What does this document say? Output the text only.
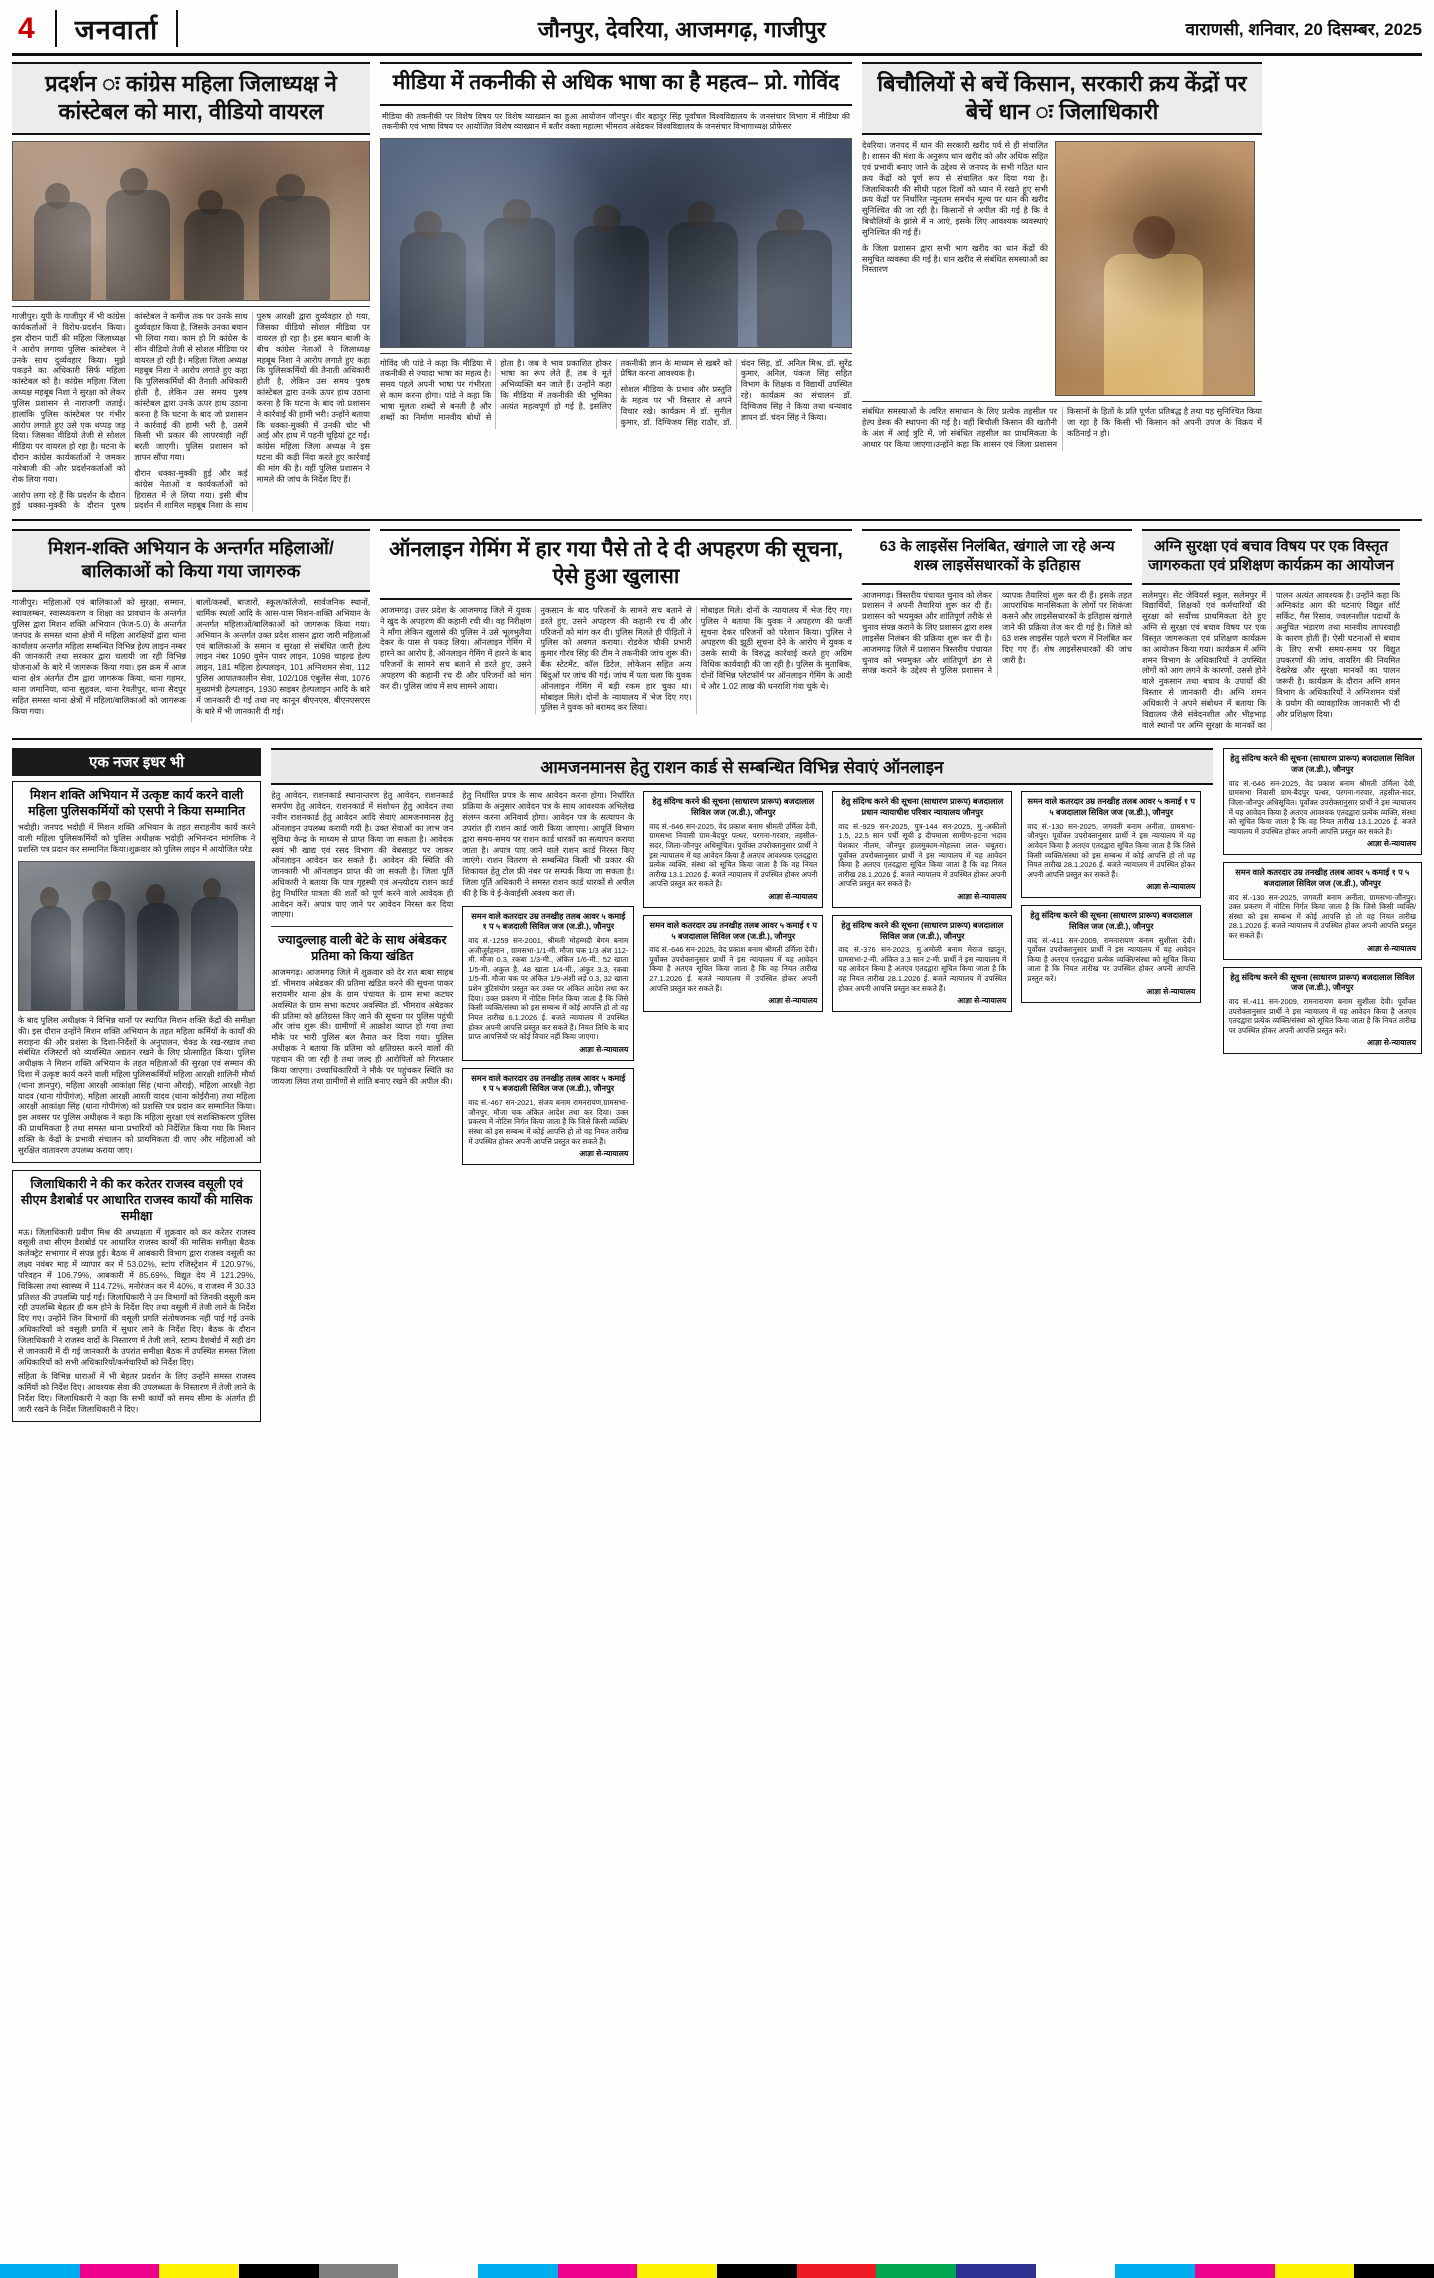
4	जनवार्ता	जौनपुर, देवरिया, आजमगढ़, गाजीपुर	वाराणसी, शनिवार, 20 दिसम्बर, 2025
प्रदर्शन ः कांग्रेस महिला जिलाध्यक्ष ने कांस्टेबल को मारा, वीडियो वायरल

गाजीपुर। यूपी के गाजीपुर में भी कांग्रेस कार्यकर्ताओं ने विरोध-प्रदर्शन किया। इस दौरान पार्टी की महिला जिलाध्यक्ष ने आरोप लगाया पुलिस कांस्टेबल ने उनके साथ दुर्व्यवहार किया। मुझे पकड़ने का अधिकारी सिर्फ महिला कांस्टेबल को है। कांग्रेस महिला जिला अध्यक्ष महबूब निशा ने सुरक्षा को लेकर पुलिस प्रशासन से नाराजगी जताई। हालांकि पुलिस कांस्टेबल पर गंभीर आरोप लगाते हुए उसे एक थप्पड़ जड़ दिया। जिसका वीडियो तेजी से सोशल मीडिया पर वायरल हो रहा है। घटना के दौरान कांग्रेस कार्यकर्ताओं ने जमकर नारेबाजी की और प्रदर्शनकर्ताओं को रोक लिया गया।

आरोप लगा रहे हैं कि प्रदर्शन के दौरान हुई धक्का-मुक्की के दौरान पुरुष कांस्टेबल ने कमीज तक पर उनके साथ दुर्व्यवहार किया है, जिसके उनका बयान भी लिया गया। काम हो गि कांग्रेस के सीन वीडियो तेजी से सोशल मीडिया पर वायरल हो रही है। महिला जिला अध्यक्ष महबूब निशा ने आरोप लगाते हुए कहा कि पुलिसकर्मियों की तैनाती अधिकारी होती है, लेकिन उस समय पुरुष कांस्टेबल द्वारा उनके ऊपर हाथ उठाना करना है कि घटना के बाद जो प्रशासन ने कार्रवाई की हामी भरी है, उसमें किसी भी प्रकार की लापरवाही नहीं बरती जाएगी। पुलिस प्रशासन को ज्ञापन सौंपा गया।

दौरान धक्का-मुक्की हुई और कई कांग्रेस नेताओं व कार्यकर्ताओं को हिरासत में ले लिया गया। इसी बीच प्रदर्शन में शामिल महबूब निशा के साथ पुरुष आरक्षी द्वारा दुर्व्यवहार हो गया, जिसका वीडियो सोशल मीडिया पर वायरल हो रहा है। इस बयान बाजी के बीच कांग्रेस नेताओं ने जिलाध्यक्ष महबूब निशा ने आरोप लगाते हुए कहा कि पुलिसकर्मियों की तैनाती अधिकारी होती है, लेकिन उस समय पुरुष कांस्टेबल द्वारा उनके ऊपर हाथ उठाना करना है कि घटना के बाद जो प्रशासन ने कार्रवाई की हामी भरी। उन्होंने बताया कि धक्का-मुक्की में उनकी चोट भी आई और हाथ में पहनी चूड़ियां टूट गईं। कांग्रेस महिला जिला अध्यक्ष ने इस घटना की कड़ी निंदा करते हुए कार्रवाई की मांग की है। वहीं पुलिस प्रशासन ने मामले की जांच के निर्देश दिए हैं।

मीडिया में तकनीकी से अधिक भाषा का है महत्व– प्रो. गोविंद
मीडिया की तकनीकी पर विशेष विषय पर विशेष व्याख्यान का हुआ आयोजन जौनपुर। वीर बहादुर सिंह पूर्वांचल विश्वविद्यालय के जनसंचार विभाग में मीडिया की तकनीकी एवं भाषा विषय पर आयोजित विशेष व्याख्यान में बतौर वक्ता महात्मा भीमराव अंबेडकर विश्वविद्यालय के जनसंचार विभागाध्यक्ष प्रोफेसर

गोविंद जी पांडे ने कहा कि मीडिया में तकनीकी से ज्यादा भाषा का महत्व है। समय पहले अपनी भाषा पर गंभीरता से काम करना होगा। पांडे ने कहा कि भाषा मूलतः शब्दों से बनती है और शब्दों का निर्माण मानवीय बोधों से होता है। जब वे भाव प्रकाशित होकर भाषा का रूप लेते हैं, तब वे मूर्त अभिव्यक्ति बन जाते हैं। उन्होंने कहा कि मीडिया में तकनीकी की भूमिका अत्यंत महत्वपूर्ण हो गई है, इसलिए तकनीकी ज्ञान के माध्यम से खबरें को प्रेषित करना आवश्यक है।

सोशल मीडिया के प्रभाव और प्रस्तुति के महत्व पर भी विस्तार से अपने विचार रखे। कार्यक्रम में डॉ. सुनील कुमार, डॉ. दिग्विजय सिंह राठौर, डॉ. चंदन सिंह, डॉ. अनिल मिश्र, डॉ. सुरेंद्र कुमार, अनिल, पंकज सिंह सहित विभाग के शिक्षक व विद्यार्थी उपस्थित रहे। कार्यक्रम का संचालन डॉ. दिग्विजय सिंह ने किया तथा धन्यवाद ज्ञापन डॉ. चंदन सिंह ने किया।

बिचौलियों से बचें किसान, सरकारी क्रय केंद्रों पर बेचें धान ः जिलाधिकारी

देवरिया। जनपद में धान की सरकारी खरीद पर्व से ही संचालित है। शासन की मंशा के अनुरूप धान खरीद को और अधिक सहित एवं प्रभावी बनाए जाने के उद्देश्य से जनपद के सभी गठित धान क्रय केंद्रों को पूर्ण रूप से संचालित कर दिया गया है। जिलाधिकारी की सीधी पहल दिलों को ध्यान में रखते हुए सभी क्रय केंद्रों पर निर्धारित न्यूनतम समर्थन मूल्य पर धान की खरीद सुनिश्चित की जा रही है। किसानों से अपील की गई है कि वे बिचौलियों के झांसे में न आएं, इसके लिए आवश्यक व्यवस्थाएं सुनिश्चित की गई हैं।

के जिला प्रशासन द्वारा सभी भाग खरीद का धान केंद्रों की समुचित व्यवस्था की गई है। धान खरीद से संबंधित समस्याओं का निस्तारण

संबंधित समस्याओं के त्वरित समाधान के लिए प्रत्येक तहसील पर हेल्प डेस्क की स्थापना की गई है। वहीं बिचौली किसान की खतौनी के अंश में आई त्रुटि में, जो संबंधित तहसील का प्राथमिकता के आधार पर किया जाएगा।उन्होंने कहा कि शासन एवं जिला प्रशासन किसानों के हितों के प्रति पूर्णतः प्रतिबद्ध है तथा यह सुनिश्चित किया जा रहा है कि किसी भी किसान को अपनी उपज के विक्रय में कठिनाई न हो।

मिशन-शक्ति अभियान के अन्तर्गत महिलाओं/ बालिकाओं को किया गया जागरुक

गाजीपुर। महिलाओं एवं बालिकाओं को सुरक्षा, सम्मान, स्वावलम्बन, स्वास्थ्यकरण व शिक्षा का प्रावधान के अन्तर्गत पुलिस द्वारा मिशन शक्ति अभियान (फेज-5.0) के अन्तर्गत जनपद के समस्त थाना क्षेत्रों में महिला आरक्षियों द्वारा थाना कार्यालय अन्तर्गत महिला सम्बन्धित विभिन्न हेल्प लाइन नम्बर की जानकारी तथा सरकार द्वारा चलायी जा रही विभिन्न योजनाओं के बारे में जागरूक किया गया। इस क्रम में आज थाना क्षेत्र अंतर्गत टीम द्वारा जागरूक किया, थाना गहमर, थाना जमानिया, थाना सुहवल, थाना रेवतीपुर, थाना सैदपुर सहित समस्त थाना क्षेत्रों में महिला/बालिकाओं को जागरूक किया गया।

बालों/कस्बों, बाजारों, स्कूल/कॉलेजों, सार्वजनिक स्थानों, धार्मिक स्थलों आदि के आस-पास मिशन-शक्ति अभियान के अन्तर्गत महिलाओं/बालिकाओं को जागरूक किया गया। अभियान के अन्तर्गत उक्त प्रदेश शासन द्वारा जारी महिलाओं एवं बालिकाओं के समान व सुरक्षा से संबंधित जारी हेल्प लाइन नंबर 1090 वूमेन पावर लाइन, 1098 चाइल्ड हेल्प लाइन, 181 महिला हेल्पलाइन, 101 अग्निशमन सेवा, 112 पुलिस आपातकालीन सेवा, 102/108 एंबुलेंस सेवा, 1076 मुख्यमंत्री हेल्पलाइन, 1930 साइबर हेल्पलाइन आदि के बारे में जानकारी दी गई तथा नए कानून बीएनएस, बीएनएसएस के बारे में भी जानकारी दी गई।

ऑनलाइन गेमिंग में हार गया पैसे तो दे दी अपहरण की सूचना, ऐसे हुआ खुलासा

आजमगढ़। उत्तर प्रदेश के आजमगढ़ जिले में युवक ने खुद के अपहरण की कहानी रची थी। वह निरीक्षण ने माँगा लेकिन खुलासे की पुलिस ने उसे भूलभुलैया देकर के पास से पकड़ लिया। ऑनलाइन गेमिंग में हारने का आरोप है, ऑनलाइन गेमिंग में हारने के बाद परिजनों के सामने सच बताने से डरते हुए, उसने अपहरण की कहानी रच दी और परिजनों को मांग कर दी। पुलिस जांच में सच सामने आया।

नुकसान के बाद परिजनों के सामने सच बताने से डरते हुए, उसने अपहरण की कहानी रच दी और परिजनों को मांग कर दी। पुलिस मिलते ही पीड़ितों ने पुलिस को अवगत कराया। रोडवेज चौकी प्रभारी कुमार गौरव सिंह की टीम ने तकनीकी जांच शुरू की। बैंक स्टेटमेंट, कॉल डिटेल, लोकेशन सहित अन्य बिंदुओं पर जांच की गई। जांच में पता चला कि युवक ऑनलाइन गेमिंग में बड़ी रकम हार चुका था। मोबाइल मिले। दोनों के न्यायालय में भेज दिए गए। पुलिस ने युवक को बरामद कर लिया।

मोबाइल मिले। दोनों के न्यायालय में भेज दिए गए। पुलिस ने बताया कि युवक ने अपहरण की फर्जी सूचना देकर परिजनों को परेशान किया। पुलिस ने अपहरण की झूठी सूचना देने के आरोप में युवक व उसके साथी के विरुद्ध कार्रवाई करते हुए अग्रिम विधिक कार्यवाही की जा रही है। पुलिस के मुताबिक, दोनों विभिन्न प्लेटफॉर्म पर ऑनलाइन गेमिंग के आदी थे और 1.02 लाख की धनराशि गंवा चुके थे।

63 के लाइसेंस निलंबित, खंगाले जा रहे अन्य शस्त्र लाइसेंसधारकों के इतिहास

आजमगढ़। त्रिस्तरीय पंचायत चुनाव को लेकर प्रशासन ने अपनी तैयारियां शुरू कर दी हैं। प्रशासन को भयमुक्त और शांतिपूर्ण तरीके से चुनाव संपन्न कराने के लिए प्रशासन द्वारा शस्त्र लाइसेंस निलंबन की प्रक्रिया शुरू कर दी है। आजमगढ़ जिले में प्रशासन त्रिस्तरीय पंचायत चुनाव को भयमुक्त और शांतिपूर्ण ढंग से संपन्न कराने के उद्देश्य से पुलिस प्रशासन ने व्यापक तैयारियां शुरू कर दी हैं। इसके तहत आपराधिक मानसिकता के लोगों पर शिकंजा कसने और लाइसेंसधारकों के इतिहास खंगाले जाने की प्रक्रिया तेज कर दी गई है। जिले को 63 शस्त्र लाइसेंस पहले चरण में निलंबित कर दिए गए हैं। शेष लाइसेंसधारकों की जांच जारी है।

अग्नि सुरक्षा एवं बचाव विषय पर एक विस्तृत जागरुकता एवं प्रशिक्षण कार्यक्रम का आयोजन

सलेमपुर। सेंट जेवियर्स स्कूल, सलेमपुर में विद्यार्थियों, शिक्षकों एवं कर्मचारियों की सुरक्षा को सर्वोच्च प्राथमिकता देते हुए अग्नि से सुरक्षा एवं बचाव विषय पर एक विस्तृत जागरूकता एवं प्रशिक्षण कार्यक्रम का आयोजन किया गया। कार्यक्रम में अग्नि शमन विभाग के अधिकारियों ने उपस्थित लोगों को आग लगने के कारणों, उससे होने वाले नुकसान तथा बचाव के उपायों की विस्तार से जानकारी दी। अग्नि शमन अधिकारी ने अपने संबोधन में बताया कि विद्यालय जैसे संवेदनशील और भीड़भाड़ वाले स्थानों पर अग्नि सुरक्षा के मानकों का पालन अत्यंत आवश्यक है। उन्होंने कहा कि अग्निकांड आग की घटनाएं विद्युत शॉर्ट सर्किट, गैस रिसाव, ज्वलनशील पदार्थों के अनुचित भंडारण तथा मानवीय लापरवाही के कारण होती हैं। ऐसी घटनाओं से बचाव के लिए सभी समय-समय पर विद्युत उपकरणों की जांच, वायरिंग की नियमित देखरेख और सुरक्षा मानकों का पालन जरूरी है। कार्यक्रम के दौरान अग्नि शमन विभाग के अधिकारियों ने अग्निशमन यंत्रों के प्रयोग की व्यावहारिक जानकारी भी दी और प्रशिक्षण दिया।

एक नजर इधर भी
मिशन शक्ति अभियान में उत्कृष्ट कार्य करने वाली महिला पुलिसकर्मियों को एसपी ने किया सम्मानित
भदोही। जनपद भदोही में मिशन शक्ति अभियान के तहत सराहनीय कार्य करने वाली महिला पुलिसकर्मियों को पुलिस अधीक्षक भदोही अभिनन्दन मांगलिक ने प्रशस्ति पत्र प्रदान कर सम्मानित किया।शुक्रवार को पुलिस लाइन में आयोजित परेड
के बाद पुलिस अधीक्षक ने विभिन्न थानों पर स्थापित मिशन शक्ति केंद्रों की समीक्षा की। इस दौरान उन्होंने मिशन शक्ति अभियान के तहत महिला कर्मियों के कार्यों की सराहना की और प्रशंसा के दिशा-निर्देशों के अनुपालन, चेक्ड के रख-रखाव तथा संबंधित रजिस्टरों को व्यवस्थित अद्यतन रखने के लिए प्रोत्साहित किया। पुलिस अधीक्षक ने मिशन शक्ति अभियान के तहत महिलाओं की सुरक्षा एवं सम्मान की दिशा में उत्कृष्ट कार्य करने वाली महिला पुलिसकर्मियों महिला आरक्षी शालिनी मौर्या (थाना ज्ञानपुर), महिला आरक्षी आकांक्षा सिंह (थाना औराई), महिला आरक्षी नेहा यादव (थाना गोपीगंज), महिला आरक्षी आरती यादव (थाना कोईरौना) तथा महिला आरक्षी आकांक्षा सिंह (थाना गोपीगंज) को प्रशस्ति पत्र प्रदान कर सम्मानित किया। इस अवसर पर पुलिस अधीक्षक ने कहा कि महिला सुरक्षा एवं सशक्तिकरण पुलिस की प्राथमिकता है तथा समस्त थाना प्रभारियों को निर्देशित किया गया कि मिशन शक्ति के केंद्रों के प्रभावी संचालन को प्राथमिकता दी जाए और महिलाओं को सुरक्षित वातावरण उपलब्ध कराया जाए।
जिलाधिकारी ने की कर करेतर राजस्व वसूली एवं सीएम डैशबोर्ड पर आधारित राजस्व कार्यों की मासिक समीक्षा
मऊ। जिलाधिकारी प्रवीण मिश्र की अध्यक्षता में शुक्रवार को कर करेतर राजस्व वसूली तथा सीएम डैशबोर्ड पर आधारित राजस्व कार्यों की मासिक समीक्षा बैठक कलेक्ट्रेट सभागार में संपन्न हुई। बैठक में आबकारी विभाग द्वारा राजस्व वसूली का लक्ष्य नवंबर माह में व्यापार कर में 53.02%, स्टांप रजिस्ट्रेशन में 120.97%, परिवहन में 106.79%, आबकारी में 85.69%, विद्युत देय में 121.29%, चिकित्सा तथा स्वास्थ्य में 114.72%, मनोरंजन कर में 40%, व राजस्व में 30.33 प्रतिशत की उपलब्धि पाई गई। जिलाधिकारी ने उन विभागों को जिनकी वसूली कम रही उपलब्धि बेहतर ही कम होने के निर्देश दिए तथा वसूली में तेजी लाने के निर्देश दिए गए। उन्होंने जिन विभागों की वसूली प्रगति संतोषजनक नहीं पाई गई उनके अधिकारियों को वसूली प्रगति में सुधार लाने के निर्देश दिए। बैठक के दौरान जिलाधिकारी ने राजस्व वादों के निस्तारण में तेजी लाने, स्टाम्प डैशबोर्ड में सही ढंग से जानकारी में दी गई जानकारी के उपरांत समीक्षा बैठक में उपस्थित समस्त जिला अधिकारियों को सभी अधिकारियों/कर्मचारियों को निर्देश दिए।
संहिता के विभिन्न धाराओं में भी बेहतर प्रदर्शन के लिए उन्होंने समस्त राजस्व कर्मियों को निर्देश दिए। आवश्यक सेवा की उपलब्धता के निस्तारण में तेजी लाने के निर्देश दिए। जिलाधिकारी ने कहा कि सभी कार्यों को समय सीमा के अंतर्गत ही जारी रखने के निर्देश जिलाधिकारी ने दिए।
आमजनमानस हेतु राशन कार्ड से सम्बन्धित विभिन्न सेवाएं ऑनलाइन
हेतु आवेदन, राशनकार्ड स्थानान्तरण हेतु आवेदन, राशनकार्ड समर्पण हेतु आवेदन, राशनकार्ड में संशोधन हेतु आवेदन तथा नवीन राशनकार्ड हेतु आवेदन आदि सेवाएं आमजनमानस हेतु ऑनलाइन उपलब्ध करायी गयी है। उक्त सेवाओं का लाभ जन सुविधा केन्द्र के माध्यम से प्राप्त किया जा सकता है। आवेदक स्वयं भी खाद्य एवं रसद विभाग की वेबसाइट पर जाकर ऑनलाइन आवेदन कर सकते हैं। आवेदन की स्थिति की जानकारी भी ऑनलाइन प्राप्त की जा सकती है। जिला पूर्ति अधिकारी ने बताया कि पात्र गृहस्थी एवं अन्त्योदय राशन कार्ड हेतु निर्धारित पात्रता की शर्तों को पूर्ण करने वाले आवेदक ही आवेदन करें। अपात्र पाए जाने पर आवेदन निरस्त कर दिया जाएगा।
ज्यादुल्लाह वाली बेटे के साथ अंबेडकर प्रतिमा को किया खंडित
आजमगढ़। आजमगढ़ जिले में शुक्रवार को देर रात बाबा साहब डॉ. भीमराव अंबेडकर की प्रतिमा खंडित करने की सूचना पाकर सरायमीर थाना क्षेत्र के ग्राम पंचायत के ग्राम सभा कटघर अवस्थित के ग्राम सभा कटघर अवस्थित डॉ. भीमराव अंबेडकर की प्रतिमा को क्षतिग्रस्त किए जाने की सूचना पर पुलिस पहुंची और जांच शुरू की। ग्रामीणों में आक्रोश व्याप्त हो गया तथा मौके पर भारी पुलिस बल तैनात कर दिया गया। पुलिस अधीक्षक ने बताया कि प्रतिमा को क्षतिग्रस्त करने वालों की पहचान की जा रही है तथा जल्द ही आरोपितों को गिरफ्तार किया जाएगा। उच्चाधिकारियों ने मौके पर पहुंचकर स्थिति का जायजा लिया तथा ग्रामीणों से शांति बनाए रखने की अपील की।
हेतु निर्धारित प्रपत्र के साथ आवेदन करना होगा। निर्धारित प्रक्रिया के अनुसार आवेदन पत्र के साथ आवश्यक अभिलेख संलग्न करना अनिवार्य होगा। आवेदन पत्र के सत्यापन के उपरांत ही राशन कार्ड जारी किया जाएगा। आपूर्ति विभाग द्वारा समय-समय पर राशन कार्ड धारकों का सत्यापन कराया जाता है। अपात्र पाए जाने वाले राशन कार्ड निरस्त किए जाएंगे। राशन वितरण से सम्बन्धित किसी भी प्रकार की शिकायत हेतु टोल फ्री नंबर पर सम्पर्क किया जा सकता है। जिला पूर्ति अधिकारी ने समस्त राशन कार्ड धारकों से अपील की है कि वे ई-केवाईसी अवश्य करा लें।
समन वाले कतरदार उम्र तनखीह तलब आवर ५ कमाई १ प ५ बजदाली सिविल जज (ज.डी.), जौनपुर
वाद सं.-1259 सन-2001, श्रीमती मोहम्मदी बेगम बनाम अजीजुर्रहमान , ग्रामसभा-1/1-मी. मौजा चक 1/3 अंश 112-मी. मौजा 0.3, रकबा 1/3-मी., अंकित 1/6-मी., 52 खाता 1/5-मी. अकुल है, 48 खाता 1/4-मी., अंकुर 3.3, रकबा 1/5-मी. मौजा चक पर अंकित 1/9-अंशी लड़े 0.3, 32 खाता प्रशेन त्रुटिसंयोग प्रस्तुत कर उक्त पर अंकित आदेश तथा कर दिया। उक्त प्रकरण में नोटिस निर्गत किया जाता है कि जिसे किसी व्यक्ति/संस्था को इस सम्बन्ध में कोई आपत्ति हो तो वह नियत तारीख 6.1.2026 ई. बजते न्यायालय में उपस्थित होकर अपनी आपत्ति प्रस्तुत कर सकते हैं। नियत तिथि के बाद प्राप्त आपत्तियों पर कोई विचार नहीं किया जाएगा।
आज्ञा से-न्यायालय
समन वाले कतरदार उम्र तनखीह तलब आवर ५ कमाई १ प ५ बजदाली सिविल जज (ज.डी.), जौनपुर
वाद सं.-467 सन-2021, संजय बनाम रामनरायण,ग्रामसभा-जौनपुर, मौजा चक अंकित आदेश तथा कर दिया। उक्त प्रकरण में नोटिस निर्गत किया जाता है कि जिसे किसी व्यक्ति/संस्था को इस सम्बन्ध में कोई आपत्ति हो तो वह नियत तारीख में उपस्थित होकर अपनी आपत्ति प्रस्तुत कर सकते हैं।
आज्ञा से-न्यायालय
हेतु संदिग्ध करने की सूचना (साधारण प्रारूप) बजदालाल सिविल जज (ज.डी.), जौनपुर
वाद सं.-646 सन-2025, वेद प्रकाश बनाम श्रीमती उर्मिला देवी, ग्रामसभा निवासी ग्राम-बैदपुर पत्थर, परगना-गरवार, तहसील-सदर, जिला-जौनपुर अधिसूचित। पूर्वोक्त उपरोक्तानुसार प्रार्थी ने इस न्यायालय में यह आवेदन किया है अतएव आवश्यक एतदद्वारा प्रत्येक व्यक्ति, संस्था को सूचित किया जाता है कि वह नियत तारीख 13.1.2026 ई. बजते न्यायालय में उपस्थित होकर अपनी आपत्ति प्रस्तुत कर सकते हैं।
आज्ञा से-न्यायालय
समन वाले कतरदार उम्र तनखीह तलब आवर ५ कमाई १ प ५ बजदालाल सिविल जज (ज.डी.), जौनपुर
वाद सं.-646 सन-2025, वेद प्रकाश बनाम श्रीमती उर्मिला देवी। पूर्वोक्त उपरोक्तानुसार प्रार्थी ने इस न्यायालय में यह आवेदन किया है अतएव सूचित किया जाता है कि वह नियत तारीख 27.1.2026 ई. बजते न्यायालय में उपस्थित होकर अपनी आपत्ति प्रस्तुत कर सकते हैं।
आज्ञा से-न्यायालय
हेतु संदिग्ध करने की सूचना (साधारण प्रारूप) बजदालाल प्रधान न्यायाधीश परिवार न्यायालय जौनपुर
वाद सं.-929 सन-2025, पुत्र-144 सन-2025, मु.-अकीलो 1.5, 22.5 सान पर्ची सूची इ दीपमाला सामीण-हटना भदाव पेशकार नीलम, जौनपुर हालमुकाम-मोहल्ला लाल- चबूतरा। पूर्वोक्त उपरोक्तानुसार प्रार्थी ने इस न्यायालय में यह आवेदन किया है अतएव एतदद्वारा सूचित किया जाता है कि वह नियत तारीख 28.1.2026 ई. बजते न्यायालय में उपस्थित होकर अपनी आपत्ति प्रस्तुत कर सकते हैं।
आज्ञा से-न्यायालय
हेतु संदिग्ध करने की सूचना (साधारण प्रारूप) बजदालाल सिविल जज (ज.डी.), जौनपुर
वाद सं.-376 सन-2023, मु.अमोली बनाम मेराज खातून, ग्रामसभा-2-मी. अंकित 3.3 सान 2-मी. प्रार्थी ने इस न्यायालय में यह आवेदन किया है अतएव एतदद्वारा सूचित किया जाता है कि वह नियत तारीख 28.1.2026 ई. बजते न्यायालय में उपस्थित होकर अपनी आपत्ति प्रस्तुत कर सकते हैं।
आज्ञा से-न्यायालय
समन वाले कतरदार उम्र तनखीह तलब आवर ५ कमाई १ प ५ बजदालाल सिविल जज (ज.डी.), जौनपुर
वाद सं.-130 सन-2025, जगवती बनाम अनीता, ग्रामसभा-जौनपुर। पूर्वोक्त उपरोक्तानुसार प्रार्थी ने इस न्यायालय में यह आवेदन किया है अतएव एतदद्वारा सूचित किया जाता है कि जिसे किसी व्यक्ति/संस्था को इस सम्बन्ध में कोई आपत्ति हो तो वह नियत तारीख 28.1.2026 ई. बजते न्यायालय में उपस्थित होकर अपनी आपत्ति प्रस्तुत कर सकते हैं।
आज्ञा से-न्यायालय
हेतु संदिग्ध करने की सूचना (साधारण प्रारूप) बजदालाल सिविल जज (ज.डी.), जौनपुर
वाद सं.-411 सन-2009, रामनारायण बनाम सुशीला देवी। पूर्वोक्त उपरोक्तानुसार प्रार्थी ने इस न्यायालय में यह आवेदन किया है अतएव एतदद्वारा प्रत्येक व्यक्ति/संस्था को सूचित किया जाता है कि नियत तारीख पर उपस्थित होकर अपनी आपत्ति प्रस्तुत करें।
आज्ञा से-न्यायालय
हेतु संदिग्ध करने की सूचना (साधारण प्रारूप) बजदालाल सिविल जज (ज.डी.), जौनपुर
वाद सं.-646 सन-2025, वेद प्रकाश बनाम श्रीमती उर्मिला देवी, ग्रामसभा निवासी ग्राम-बैदपुर पत्थर, परगना-गरवार, तहसील-सदर, जिला-जौनपुर अधिसूचित। पूर्वोक्त उपरोक्तानुसार प्रार्थी ने इस न्यायालय में यह आवेदन किया है अतएव आवश्यक एतदद्वारा प्रत्येक व्यक्ति, संस्था को सूचित किया जाता है कि वह नियत तारीख 13.1.2026 ई. बजते न्यायालय में उपस्थित होकर अपनी आपत्ति प्रस्तुत कर सकते हैं।
आज्ञा से-न्यायालय
समन वाले कतरदार उम्र तनखीह तलब आवर ५ कमाई १ प ५ बजदालाल सिविल जज (ज.डी.), जौनपुर
वाद सं.-130 सन-2025, जगवती बनाम अनीता, ग्रामसभा-जौनपुर। उक्त प्रकरण में नोटिस निर्गत किया जाता है कि जिसे किसी व्यक्ति/संस्था को इस सम्बन्ध में कोई आपत्ति हो तो वह नियत तारीख 28.1.2026 ई. बजते न्यायालय में उपस्थित होकर अपनी आपत्ति प्रस्तुत कर सकते हैं।
आज्ञा से-न्यायालय
हेतु संदिग्ध करने की सूचना (साधारण प्रारूप) बजदालाल सिविल जज (ज.डी.), जौनपुर
वाद सं.-411 सन-2009, रामनारायण बनाम सुशीला देवी। पूर्वोक्त उपरोक्तानुसार प्रार्थी ने इस न्यायालय में यह आवेदन किया है अतएव एतदद्वारा प्रत्येक व्यक्ति/संस्था को सूचित किया जाता है कि नियत तारीख पर उपस्थित होकर अपनी आपत्ति प्रस्तुत करें।
आज्ञा से-न्यायालय
